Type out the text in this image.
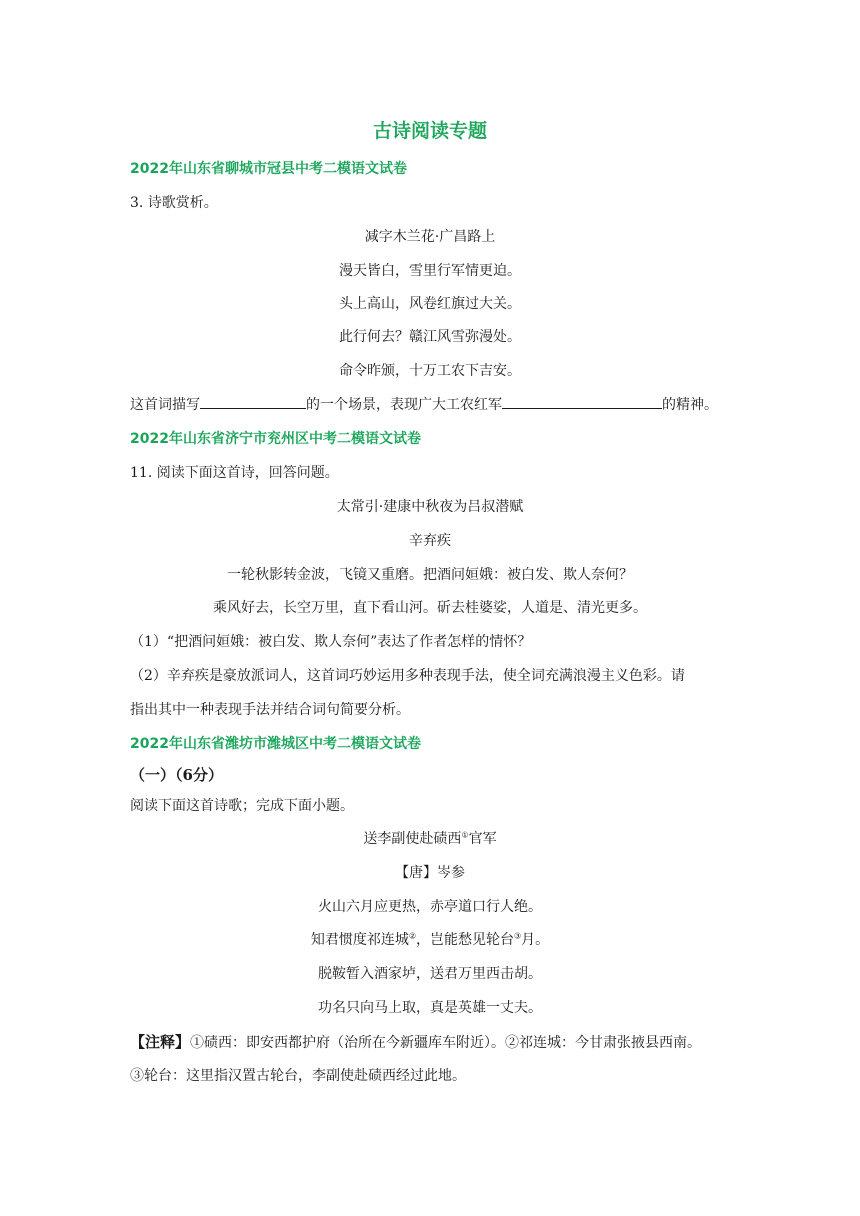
古诗阅读专题
2022年山东省聊城市冠县中考二模语文试卷
3. 诗歌赏析。
减字木兰花·广昌路上
漫天皆白，雪里行军情更迫。
头上高山，风卷红旗过大关。
此行何去？赣江风雪弥漫处。
命令昨颁，十万工农下吉安。
这首词描写	的一个场景，表现广大工农红军	的精神。
2022年山东省济宁市兖州区中考二模语文试卷
11. 阅读下面这首诗，回答问题。
太常引·建康中秋夜为吕叔潜赋
辛弃疾
一轮秋影转金波，飞镜又重磨。把酒问姮娥：被白发、欺人奈何？
乘风好去，长空万里，直下看山河。斫去桂婆娑，人道是、清光更多。
（1）“把酒问姮娥：被白发、欺人奈何”表达了作者怎样的情怀？
（2）辛弃疾是豪放派词人，这首词巧妙运用多种表现手法，使全词充满浪漫主义色彩。请
指出其中一种表现手法并结合词句简要分析。
2022年山东省潍坊市潍城区中考二模语文试卷
（一）（6分）
阅读下面这首诗歌；完成下面小题。
送李副使赴碛西①官军
【唐】岑参
火山六月应更热，赤亭道口行人绝。
知君惯度祁连城②，岂能愁见轮台③月。
脱鞍暂入酒家垆，送君万里西击胡。
功名只向马上取，真是英雄一丈夫。
【注释】①碛西：即安西都护府（治所在今新疆库车附近）。②祁连城：今甘肃张掖县西南。
③轮台：这里指汉置古轮台，李副使赴碛西经过此地。
